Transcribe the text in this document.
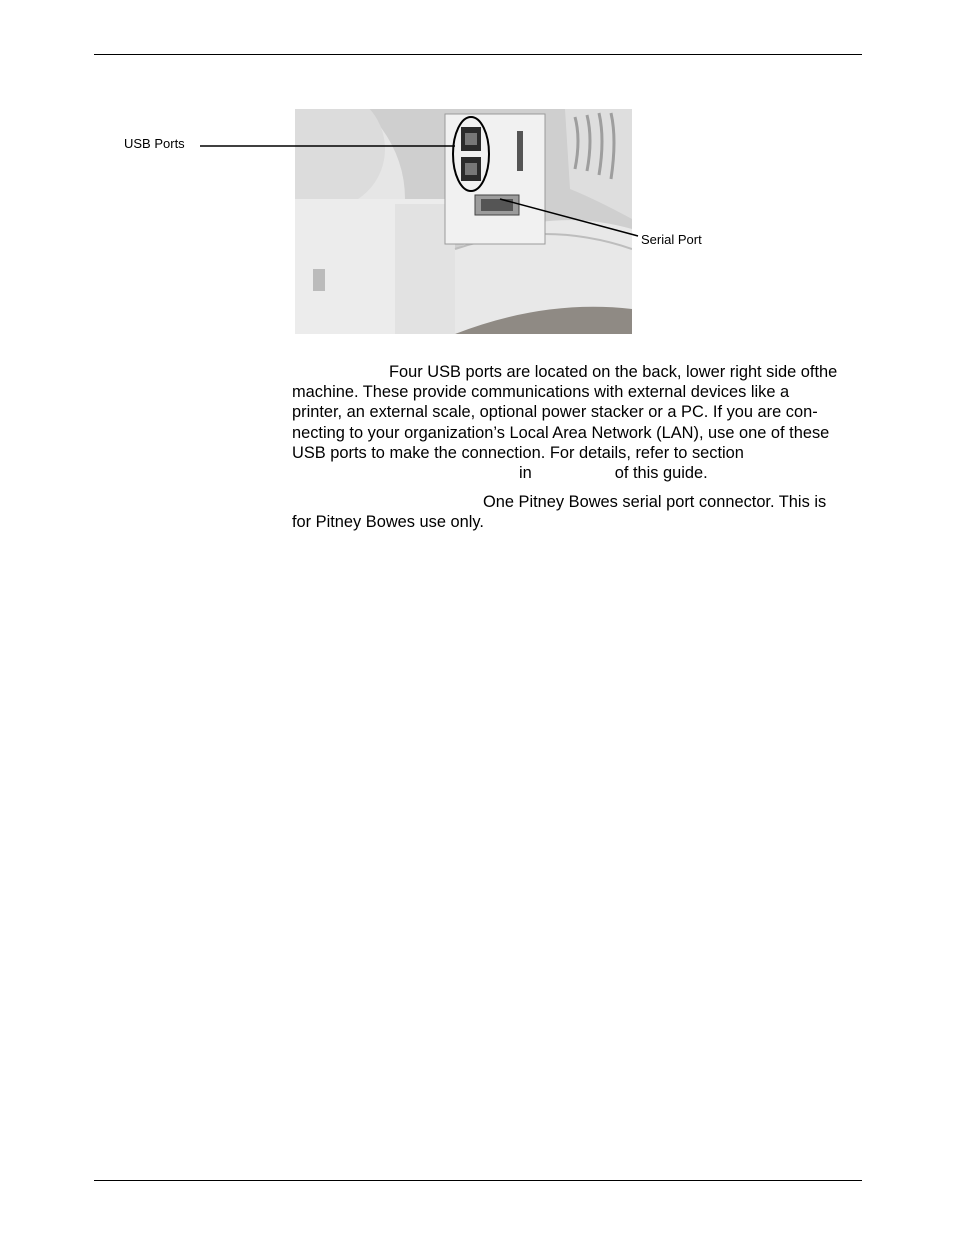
USB Ports
Serial Port
Four USB ports are located on the back, lower right side ofthe
machine. These provide communications with external devices like a
printer, an external scale, optional power stacker or a PC. If you are con-
necting to your organization’s Local Area Network (LAN), use one of these
USB ports to make the connection. For details, refer to section
in	of this guide.
One Pitney Bowes serial port connector. This is
for Pitney Bowes use only.
